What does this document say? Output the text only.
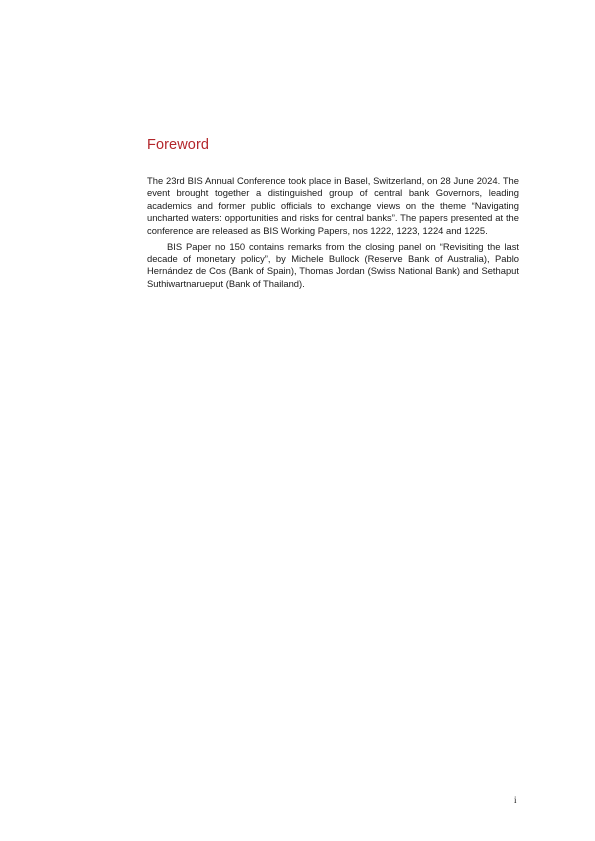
Foreword

The 23rd BIS Annual Conference took place in Basel, Switzerland, on 28 June 2024. The event brought together a distinguished group of central bank Governors, leading academics and former public officials to exchange views on the theme “Navigating uncharted waters: opportunities and risks for central banks”. The papers presented at the conference are released as BIS Working Papers, nos 1222, 1223, 1224 and 1225.

BIS Paper no 150 contains remarks from the closing panel on “Revisiting the last decade of monetary policy”, by Michele Bullock (Reserve Bank of Australia), Pablo Hernández de Cos (Bank of Spain), Thomas Jordan (Swiss National Bank) and Sethaput Suthiwartnarueput (Bank of Thailand).

i
